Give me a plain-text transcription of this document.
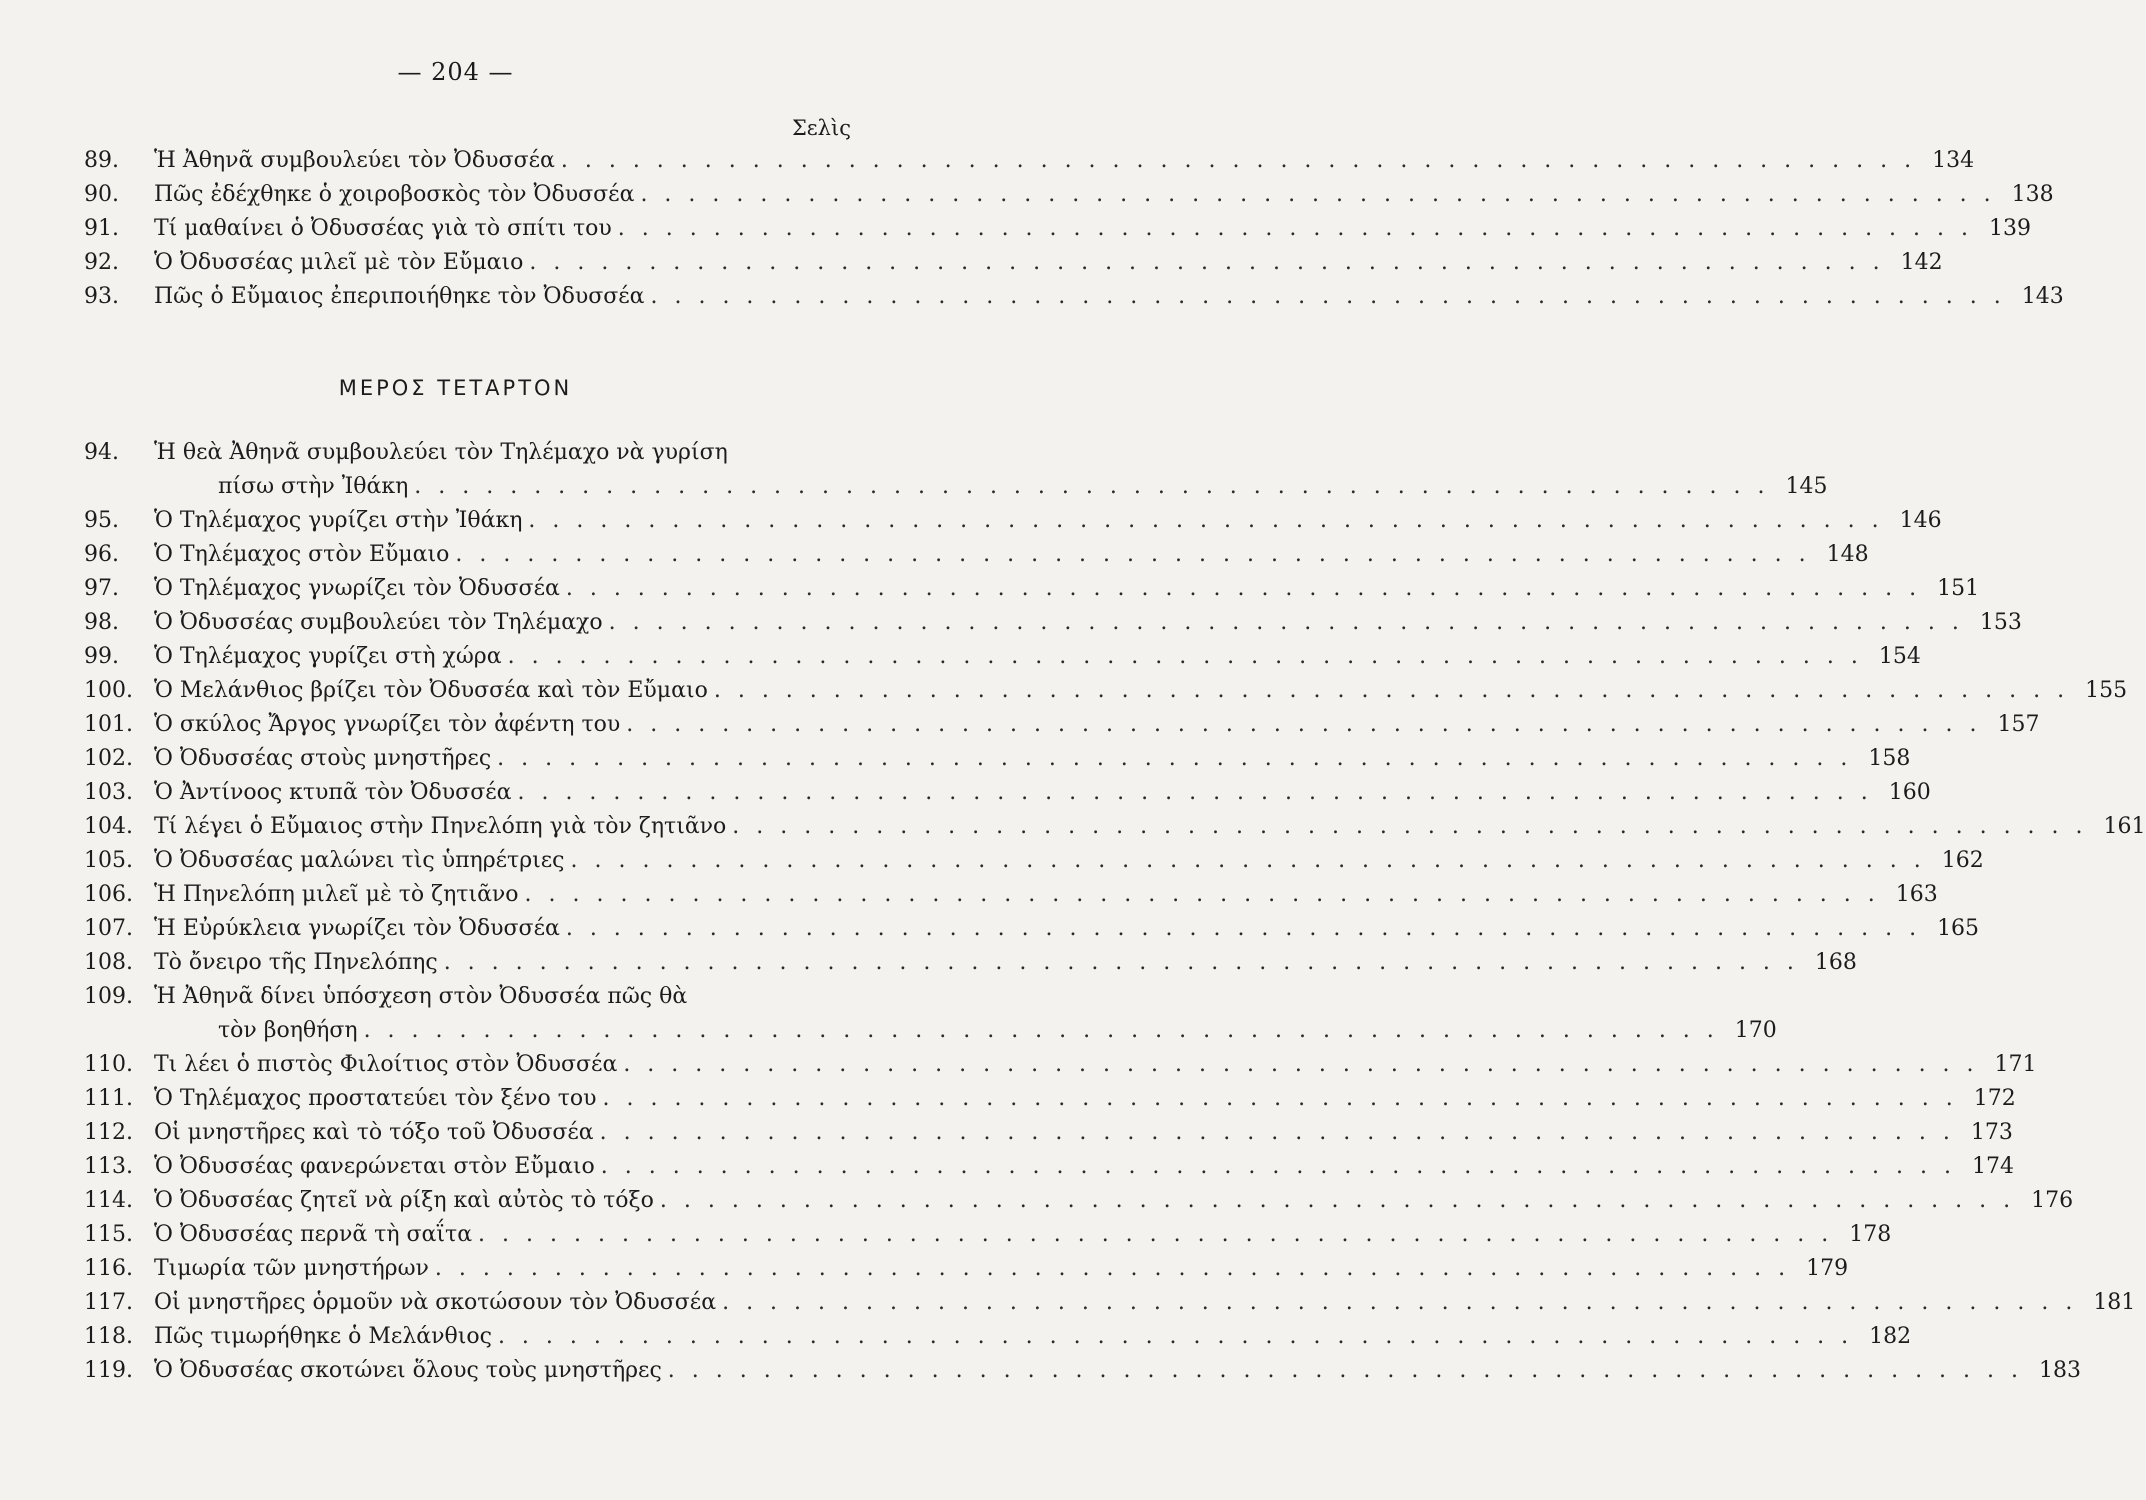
— 204 —
Σελὶς
ΜΕΡΟΣ ΤΕΤΑΡΤΟΝ
89.	Ἡ Ἀθηνᾶ συμβουλεύει τὸν Ὀδυσσέα . . . . . . . . . . . . . . . . . . . . . . . . . . . . . . . . . . . . . . . . . . . . . . . . . . . . . . . . . 134
90.	Πῶς ἐδέχθηκε ὁ χοιροβοσκὸς τὸν Ὀδυσσέα . . . . . . . . . . . . . . . . . . . . . . . . . . . . . . . . . . . . . . . . . . . . . . . . . . . . . . . . . 138
91.	Τί μαθαίνει ὁ Ὀδυσσέας γιὰ τὸ σπίτι του . . . . . . . . . . . . . . . . . . . . . . . . . . . . . . . . . . . . . . . . . . . . . . . . . . . . . . . . . 139
92.	Ὁ Ὀδυσσέας μιλεῖ μὲ τὸν Εὔμαιο . . . . . . . . . . . . . . . . . . . . . . . . . . . . . . . . . . . . . . . . . . . . . . . . . . . . . . . . . 142
93.	Πῶς ὁ Εὔμαιος ἐπεριποιήθηκε τὸν Ὀδυσσέα . . . . . . . . . . . . . . . . . . . . . . . . . . . . . . . . . . . . . . . . . . . . . . . . . . . . . . . . . 143
94.	Ἡ θεὰ Ἀθηνᾶ συμβουλεύει τὸν Τηλέμαχο νὰ γυρίση
πίσω στὴν Ἰθάκη . . . . . . . . . . . . . . . . . . . . . . . . . . . . . . . . . . . . . . . . . . . . . . . . . . . . . . . . . 145
95.	Ὁ Τηλέμαχος γυρίζει στὴν Ἰθάκη . . . . . . . . . . . . . . . . . . . . . . . . . . . . . . . . . . . . . . . . . . . . . . . . . . . . . . . . . 146
96.	Ὁ Τηλέμαχος στὸν Εὔμαιο . . . . . . . . . . . . . . . . . . . . . . . . . . . . . . . . . . . . . . . . . . . . . . . . . . . . . . . . . 148
97.	Ὁ Τηλέμαχος γνωρίζει τὸν Ὀδυσσέα . . . . . . . . . . . . . . . . . . . . . . . . . . . . . . . . . . . . . . . . . . . . . . . . . . . . . . . . . 151
98.	Ὁ Ὀδυσσέας συμβουλεύει τὸν Τηλέμαχο . . . . . . . . . . . . . . . . . . . . . . . . . . . . . . . . . . . . . . . . . . . . . . . . . . . . . . . . . 153
99.	Ὁ Τηλέμαχος γυρίζει στὴ χώρα . . . . . . . . . . . . . . . . . . . . . . . . . . . . . . . . . . . . . . . . . . . . . . . . . . . . . . . . . 154
100. Ὁ Μελάνθιος βρίζει τὸν Ὀδυσσέα καὶ τὸν Εὔμαιο . . . . . . . . . . . . . . . . . . . . . . . . . . . . . . . . . . . . . . . . . . . . . . . . . . . . . . . . . 155
101. Ὁ σκύλος Ἄργος γνωρίζει τὸν ἀφέντη του . . . . . . . . . . . . . . . . . . . . . . . . . . . . . . . . . . . . . . . . . . . . . . . . . . . . . . . . . 157
102. Ὁ Ὀδυσσέας στοὺς μνηστῆρες . . . . . . . . . . . . . . . . . . . . . . . . . . . . . . . . . . . . . . . . . . . . . . . . . . . . . . . . . 158
103. Ὁ Ἀντίνοος κτυπᾶ τὸν Ὀδυσσέα . . . . . . . . . . . . . . . . . . . . . . . . . . . . . . . . . . . . . . . . . . . . . . . . . . . . . . . . . 160
104. Τί λέγει ὁ Εὔμαιος στὴν Πηνελόπη γιὰ τὸν ζητιᾶνο . . . . . . . . . . . . . . . . . . . . . . . . . . . . . . . . . . . . . . . . . . . . . . . . . . . . . . . . . 161
105. Ὁ Ὀδυσσέας μαλώνει τὶς ὑπηρέτριες . . . . . . . . . . . . . . . . . . . . . . . . . . . . . . . . . . . . . . . . . . . . . . . . . . . . . . . . . 162
106. Ἡ Πηνελόπη μιλεῖ μὲ τὸ ζητιᾶνο . . . . . . . . . . . . . . . . . . . . . . . . . . . . . . . . . . . . . . . . . . . . . . . . . . . . . . . . . 163
107. Ἡ Εὐρύκλεια γνωρίζει τὸν Ὀδυσσέα . . . . . . . . . . . . . . . . . . . . . . . . . . . . . . . . . . . . . . . . . . . . . . . . . . . . . . . . . 165
108. Τὸ ὄνειρο τῆς Πηνελόπης . . . . . . . . . . . . . . . . . . . . . . . . . . . . . . . . . . . . . . . . . . . . . . . . . . . . . . . . . 168
109. Ἡ Ἀθηνᾶ δίνει ὑπόσχεση στὸν Ὀδυσσέα πῶς θὰ
τὸν βοηθήση . . . . . . . . . . . . . . . . . . . . . . . . . . . . . . . . . . . . . . . . . . . . . . . . . . . . . . . . . 170
110. Τι λέει ὁ πιστὸς Φιλοίτιος στὸν Ὀδυσσέα . . . . . . . . . . . . . . . . . . . . . . . . . . . . . . . . . . . . . . . . . . . . . . . . . . . . . . . . . 171
111. Ὁ Τηλέμαχος προστατεύει τὸν ξένο του . . . . . . . . . . . . . . . . . . . . . . . . . . . . . . . . . . . . . . . . . . . . . . . . . . . . . . . . . 172
112. Οἱ μνηστῆρες καὶ τὸ τόξο τοῦ Ὀδυσσέα . . . . . . . . . . . . . . . . . . . . . . . . . . . . . . . . . . . . . . . . . . . . . . . . . . . . . . . . . 173
113. Ὁ Ὀδυσσέας φανερώνεται στὸν Εὔμαιο . . . . . . . . . . . . . . . . . . . . . . . . . . . . . . . . . . . . . . . . . . . . . . . . . . . . . . . . . 174
114. Ὁ Ὀδυσσέας ζητεῖ νὰ ρίξη καὶ αὐτὸς τὸ τόξο . . . . . . . . . . . . . . . . . . . . . . . . . . . . . . . . . . . . . . . . . . . . . . . . . . . . . . . . . 176
115. Ὁ Ὀδυσσέας περνᾶ τὴ σαΐτα . . . . . . . . . . . . . . . . . . . . . . . . . . . . . . . . . . . . . . . . . . . . . . . . . . . . . . . . . 178
116. Τιμωρία τῶν μνηστήρων . . . . . . . . . . . . . . . . . . . . . . . . . . . . . . . . . . . . . . . . . . . . . . . . . . . . . . . . . 179
117. Οἱ μνηστῆρες ὁρμοῦν νὰ σκοτώσουν τὸν Ὀδυσσέα . . . . . . . . . . . . . . . . . . . . . . . . . . . . . . . . . . . . . . . . . . . . . . . . . . . . . . . . . 181
118. Πῶς τιμωρήθηκε ὁ Μελάνθιος . . . . . . . . . . . . . . . . . . . . . . . . . . . . . . . . . . . . . . . . . . . . . . . . . . . . . . . . . 182
119. Ὁ Ὀδυσσέας σκοτώνει ὅλους τοὺς μνηστῆρες . . . . . . . . . . . . . . . . . . . . . . . . . . . . . . . . . . . . . . . . . . . . . . . . . . . . . . . . . 183
